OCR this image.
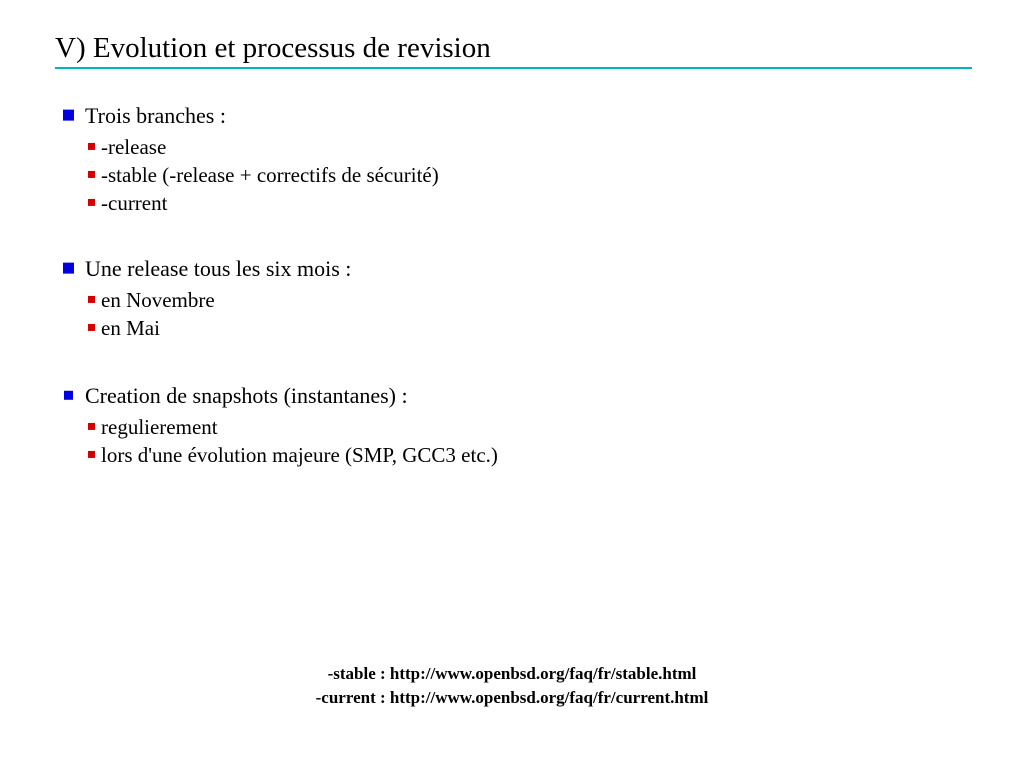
V) Evolution et processus de revision
Trois branches :
-release
-stable (-release + correctifs de sécurité)
-current
Une release tous les six mois :
en Novembre
en Mai
Creation de snapshots (instantanes) :
regulierement
lors d'une évolution majeure (SMP, GCC3 etc.)
-stable : http://www.openbsd.org/faq/fr/stable.html
-current : http://www.openbsd.org/faq/fr/current.html
